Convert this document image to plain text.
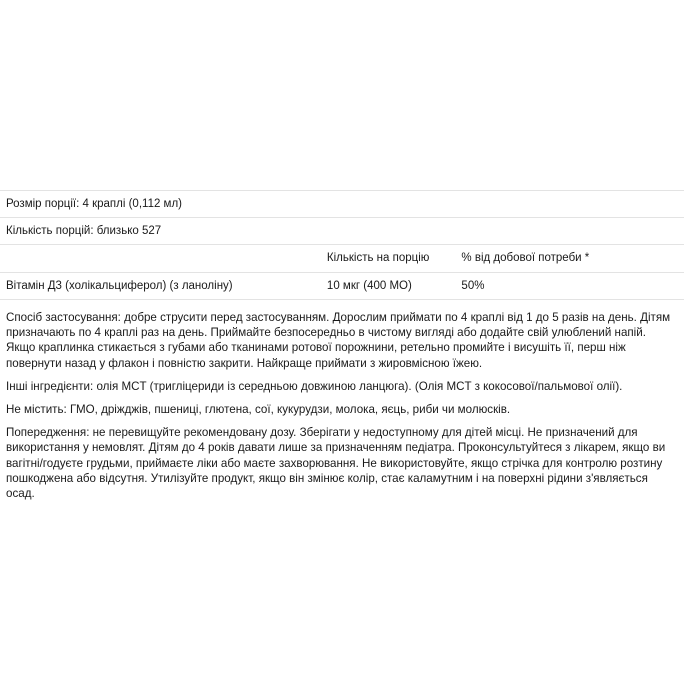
Розмір порції: 4 краплі (0,112 мл)		
Кількість порцій: близько 527		
	Кількість на порцію	% від добової потреби *
Вітамін Д3 (холікальциферол) (з ланоліну)	10 мкг (400 МО)	50%

Спосіб застосування: добре струсити перед застосуванням. Дорослим приймати по 4 краплі від 1 до 5 разів на день. Дітям призначають по 4 краплі раз на день. Приймайте безпосередньо в чистому вигляді або додайте свій улюблений напій. Якщо краплинка стикається з губами або тканинами ротової порожнини, ретельно промийте і висушіть її, перш ніж повернути назад у флакон і повністю закрити. Найкраще приймати з жировмісною їжею.

Інші інгредієнти: олія MCT (тригліцериди із середньою довжиною ланцюга). (Олія MCT з кокосової/пальмової олії).

Не містить: ГМО, дріжджів, пшениці, глютена, сої, кукурудзи, молока, яєць, риби чи молюсків.

Попередження: не перевищуйте рекомендовану дозу. Зберігати у недоступному для дітей місці. Не призначений для використання у немовлят. Дітям до 4 років давати лише за призначенням педіатра. Проконсультуйтеся з лікарем, якщо ви вагітні/годуєте грудьми, приймаєте ліки або маєте захворювання. Не використовуйте, якщо стрічка для контролю розтину пошкоджена або відсутня. Утилізуйте продукт, якщо він змінює колір, стає каламутним і на поверхні рідини з'являється осад.
